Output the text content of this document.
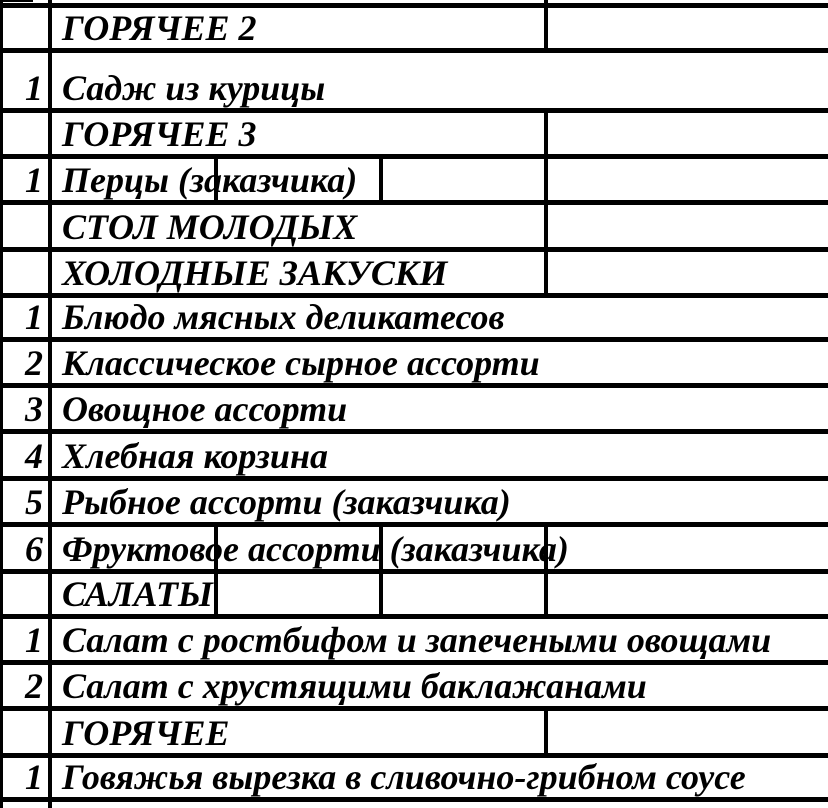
ГОРЯЧЕЕ 2
1 Садж из курицы
ГОРЯЧЕЕ 3
1 Перцы (заказчика)
СТОЛ МОЛОДЫХ
ХОЛОДНЫЕ ЗАКУСКИ
1 Блюдо мясных деликатесов
2 Классическое сырное ассорти
3 Овощное ассорти
4 Хлебная корзина
5 Рыбное ассорти (заказчика)
6 Фруктовое ассорти (заказчика)
САЛАТЫ
1 Салат с ростбифом и запечеными овощами
2 Салат с хрустящими баклажанами
ГОРЯЧЕЕ
1 Говяжья вырезка в сливочно-грибном соусе
